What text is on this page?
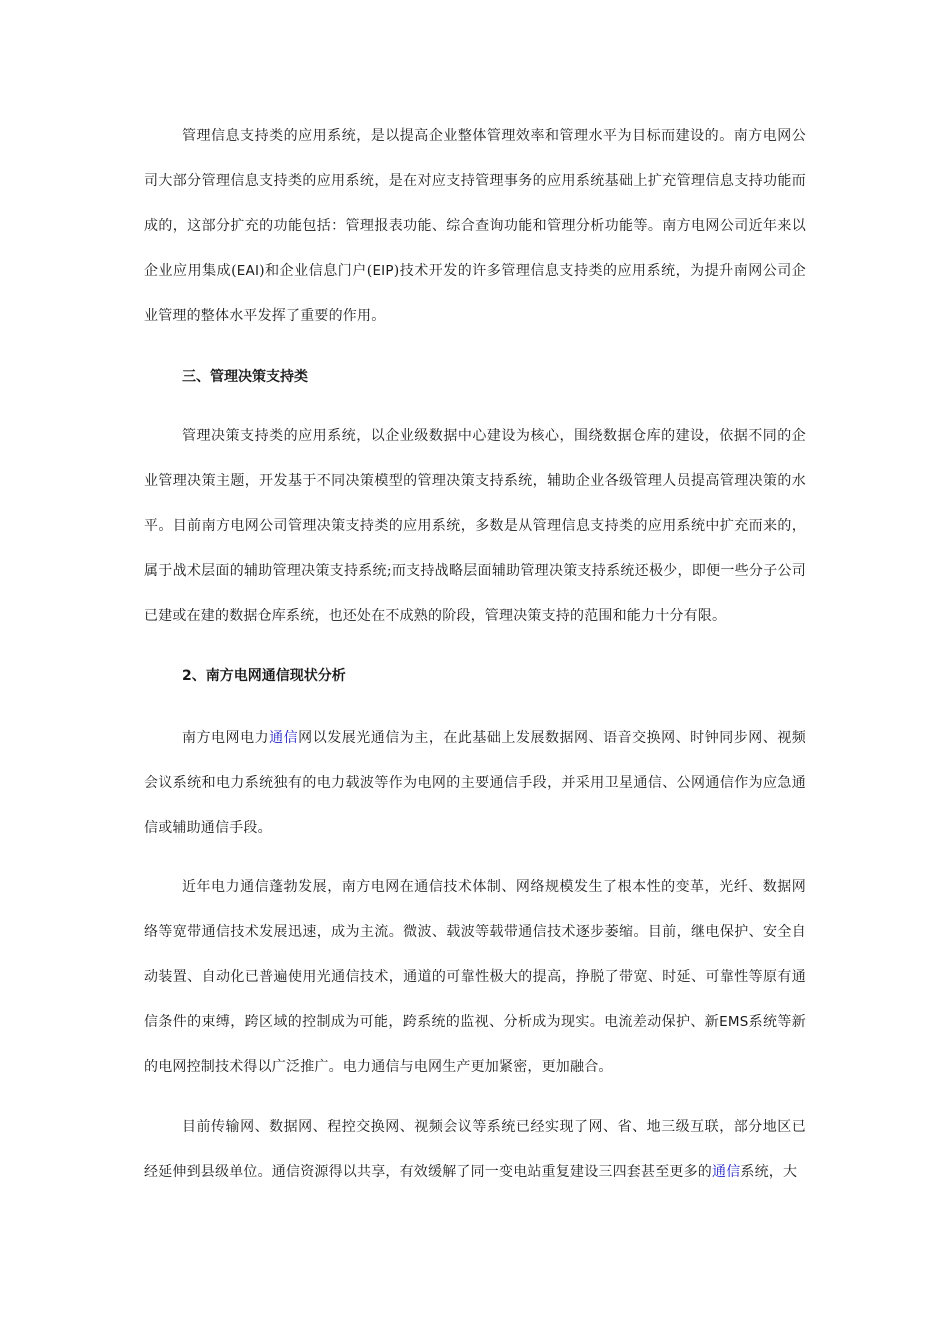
管理信息支持类的应用系统，是以提高企业整体管理效率和管理水平为目标而建设的。南方电网公司大部分管理信息支持类的应用系统，是在对应支持管理事务的应用系统基础上扩充管理信息支持功能而成的，这部分扩充的功能包括：管理报表功能、综合查询功能和管理分析功能等。南方电网公司近年来以企业应用集成(EAI)和企业信息门户(EIP)技术开发的许多管理信息支持类的应用系统，为提升南网公司企业管理的整体水平发挥了重要的作用。

三、管理决策支持类

管理决策支持类的应用系统，以企业级数据中心建设为核心，围绕数据仓库的建设，依据不同的企业管理决策主题，开发基于不同决策模型的管理决策支持系统，辅助企业各级管理人员提高管理决策的水平。目前南方电网公司管理决策支持类的应用系统，多数是从管理信息支持类的应用系统中扩充而来的，属于战术层面的辅助管理决策支持系统;而支持战略层面辅助管理决策支持系统还极少，即便一些分子公司已建或在建的数据仓库系统，也还处在不成熟的阶段，管理决策支持的范围和能力十分有限。

2、南方电网通信现状分析

南方电网电力通信网以发展光通信为主，在此基础上发展数据网、语音交换网、时钟同步网、视频会议系统和电力系统独有的电力载波等作为电网的主要通信手段，并采用卫星通信、公网通信作为应急通信或辅助通信手段。

近年电力通信蓬勃发展，南方电网在通信技术体制、网络规模发生了根本性的变革，光纤、数据网络等宽带通信技术发展迅速，成为主流。微波、载波等载带通信技术逐步萎缩。目前，继电保护、安全自动装置、自动化已普遍使用光通信技术，通道的可靠性极大的提高，挣脱了带宽、时延、可靠性等原有通信条件的束缚，跨区域的控制成为可能，跨系统的监视、分析成为现实。电流差动保护、新EMS系统等新的电网控制技术得以广泛推广。电力通信与电网生产更加紧密，更加融合。

目前传输网、数据网、程控交换网、视频会议等系统已经实现了网、省、地三级互联，部分地区已经延伸到县级单位。通信资源得以共享，有效缓解了同一变电站重复建设三四套甚至更多的通信系统，大
